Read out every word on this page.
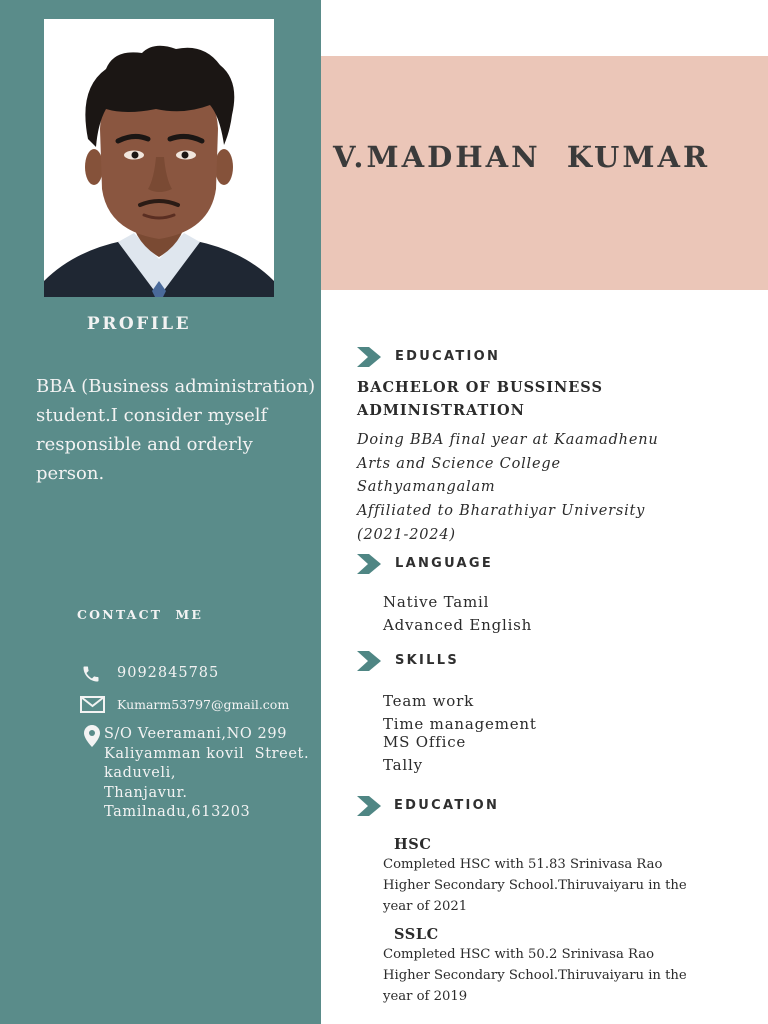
PROFILE
BBA (Business administration) student.I consider myself responsible and orderly person.
CONTACT  ME
9092845785
Kumarm53797@gmail.com
S/O Veeramani,NO 299
Kaliyamman kovil  Street.
kaduveli,
Thanjavur.
Tamilnadu,613203
V.MADHAN  KUMAR
EDUCATION
BACHELOR OF BUSSINESS
ADMINISTRATION
Doing BBA final year at Kaamadhenu
Arts and Science College
Sathyamangalam
Affiliated to Bharathiyar University
(2021-2024)
LANGUAGE
Native Tamil
Advanced English
SKILLS
Team work
Time management
MS Office
Tally
EDUCATION
HSC
Completed HSC with 51.83 Srinivasa Rao
Higher Secondary School.Thiruvaiyaru in the
year of 2021
SSLC
Completed HSC with 50.2 Srinivasa Rao
Higher Secondary School.Thiruvaiyaru in the
year of 2019
